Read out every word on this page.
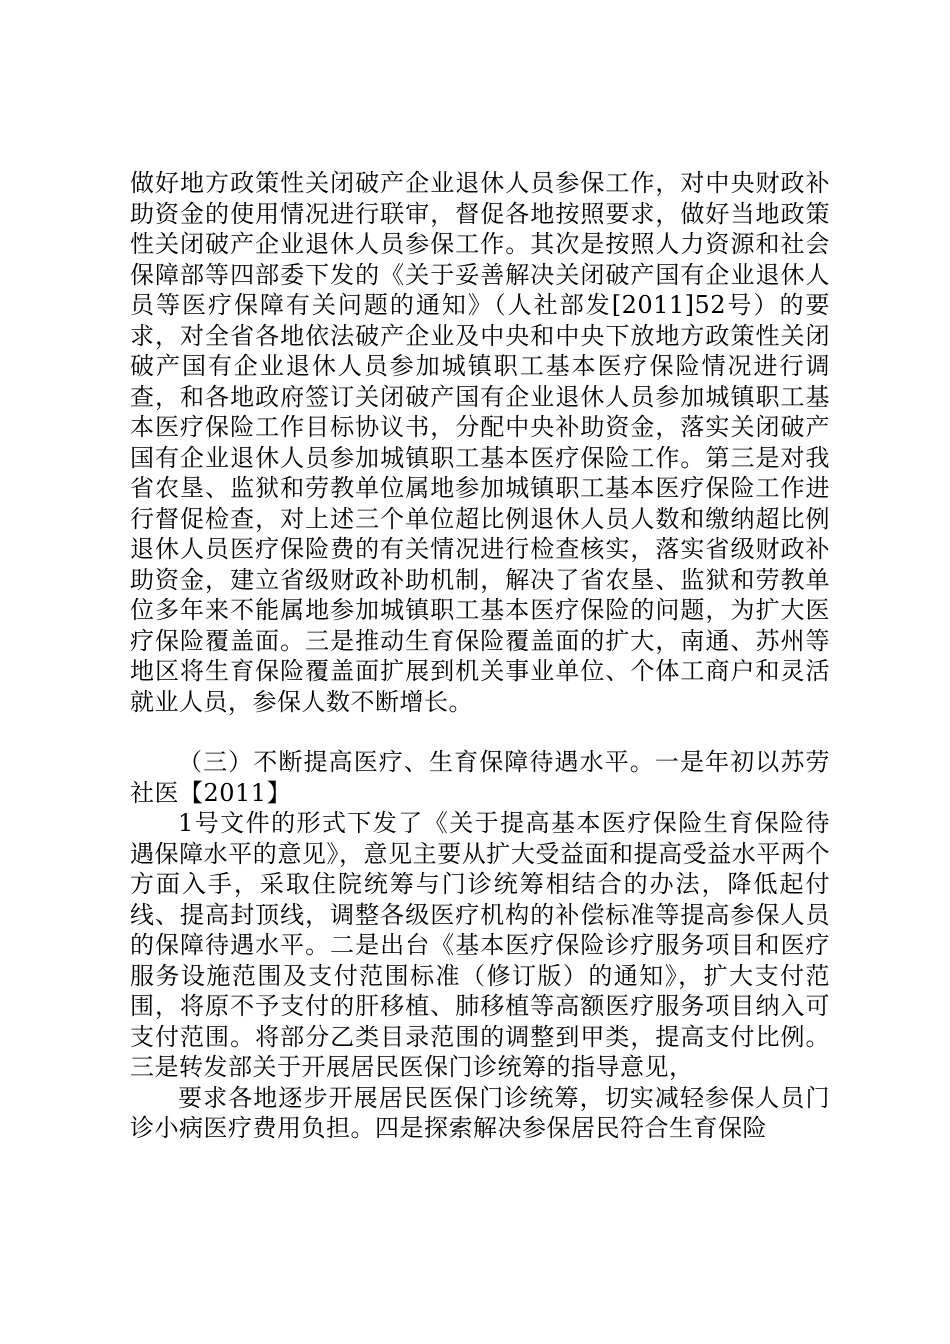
做好地方政策性关闭破产企业退休人员参保工作，对中央财政补助资金的使用情况进行联审，督促各地按照要求，做好当地政策性关闭破产企业退休人员参保工作。其次是按照人力资源和社会保障部等四部委下发的《关于妥善解决关闭破产国有企业退休人员等医疗保障有关问题的通知》（人社部发[2011]52号）的要求，对全省各地依法破产企业及中央和中央下放地方政策性关闭破产国有企业退休人员参加城镇职工基本医疗保险情况进行调查，和各地政府签订关闭破产国有企业退休人员参加城镇职工基本医疗保险工作目标协议书，分配中央补助资金，落实关闭破产国有企业退休人员参加城镇职工基本医疗保险工作。第三是对我省农垦、监狱和劳教单位属地参加城镇职工基本医疗保险工作进行督促检查，对上述三个单位超比例退休人员人数和缴纳超比例退休人员医疗保险费的有关情况进行检查核实，落实省级财政补助资金，建立省级财政补助机制，解决了省农垦、监狱和劳教单位多年来不能属地参加城镇职工基本医疗保险的问题，为扩大医疗保险覆盖面。三是推动生育保险覆盖面的扩大，南通、苏州等地区将生育保险覆盖面扩展到机关事业单位、个体工商户和灵活就业人员，参保人数不断增长。

（三）不断提高医疗、生育保障待遇水平。一是年初以苏劳社医【2011】

1号文件的形式下发了《关于提高基本医疗保险生育保险待遇保障水平的意见》，意见主要从扩大受益面和提高受益水平两个方面入手，采取住院统筹与门诊统筹相结合的办法，降低起付线、提高封顶线，调整各级医疗机构的补偿标准等提高参保人员的保障待遇水平。二是出台《基本医疗保险诊疗服务项目和医疗服务设施范围及支付范围标准（修订版）的通知》，扩大支付范围，将原不予支付的肝移植、肺移植等高额医疗服务项目纳入可支付范围。将部分乙类目录范围的调整到甲类，提高支付比例。三是转发部关于开展居民医保门诊统筹的指导意见，

要求各地逐步开展居民医保门诊统筹，切实减轻参保人员门诊小病医疗费用负担。四是探索解决参保居民符合生育保险
